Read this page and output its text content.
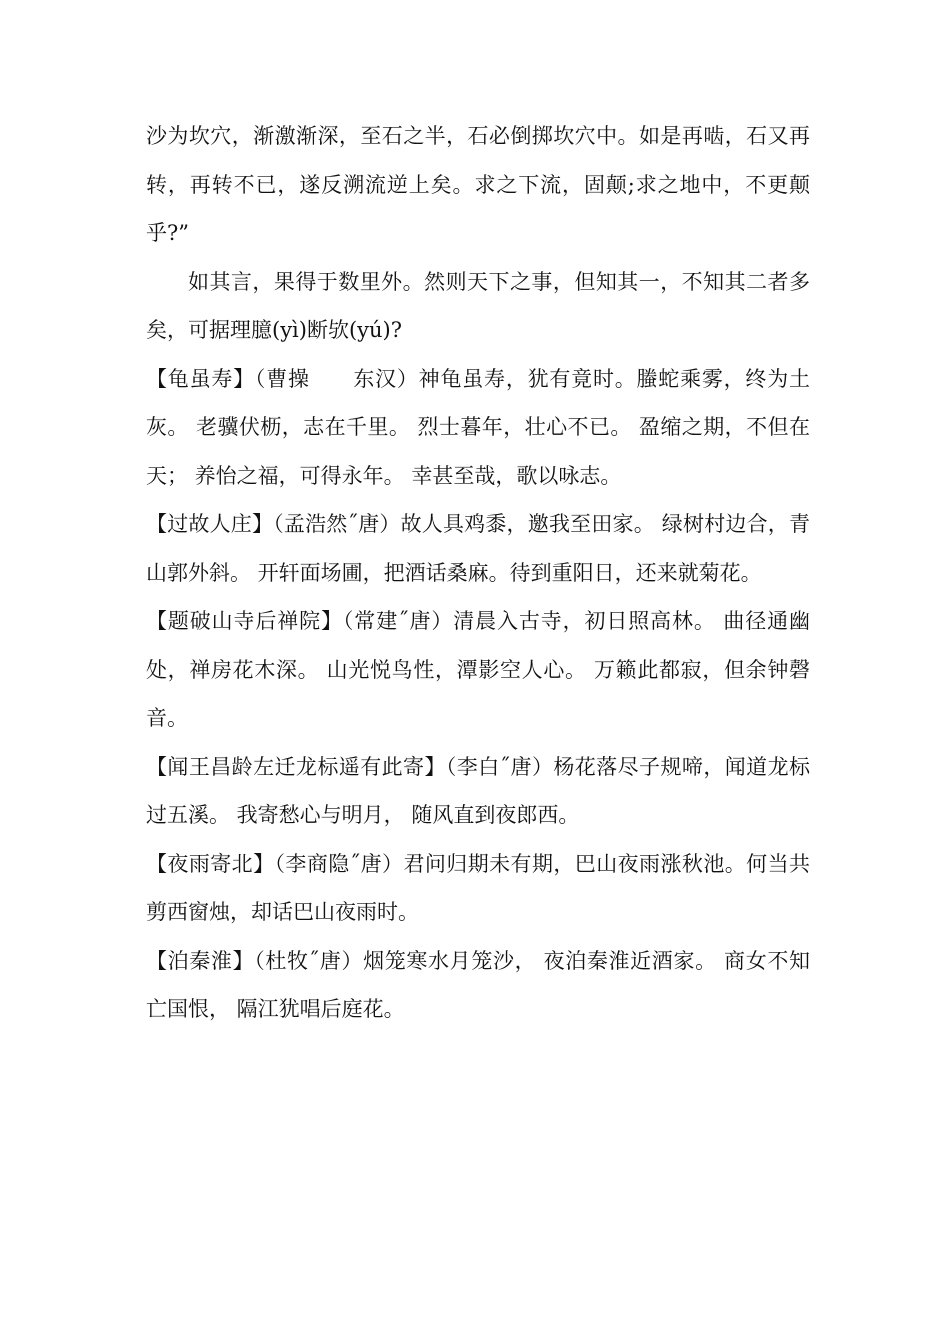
沙为坎穴，渐激渐深，至石之半，石必倒掷坎穴中。如是再啮，石又再转，再转不已，遂反溯流逆上矣。求之下流，固颠;求之地中，不更颠乎?”

如其言，果得于数里外。然则天下之事，但知其一，不知其二者多矣，可据理臆(yì)断欤(yú)?

【龟虽寿】（曹操　　东汉）神龟虽寿，犹有竟时。螣蛇乘雾，终为土灰。 老骥伏枥，志在千里。 烈士暮年，壮心不已。 盈缩之期，不但在天； 养怡之福，可得永年。 幸甚至哉，歌以咏志。

【过故人庄】（孟浩然˝唐）故人具鸡黍，邀我至田家。 绿树村边合，青山郭外斜。 开轩面场圃，把酒话桑麻。待到重阳日，还来就菊花。

【题破山寺后禅院】（常建˝唐）清晨入古寺，初日照高林。 曲径通幽处，禅房花木深。 山光悦鸟性，潭影空人心。 万籁此都寂，但余钟磬音。

【闻王昌龄左迁龙标遥有此寄】（李白˝唐）杨花落尽子规啼，闻道龙标过五溪。 我寄愁心与明月， 随风直到夜郎西。

【夜雨寄北】（李商隐˝唐）君问归期未有期，巴山夜雨涨秋池。何当共剪西窗烛，却话巴山夜雨时。

【泊秦淮】（杜牧˝唐）烟笼寒水月笼沙， 夜泊秦淮近酒家。 商女不知亡国恨， 隔江犹唱后庭花。
